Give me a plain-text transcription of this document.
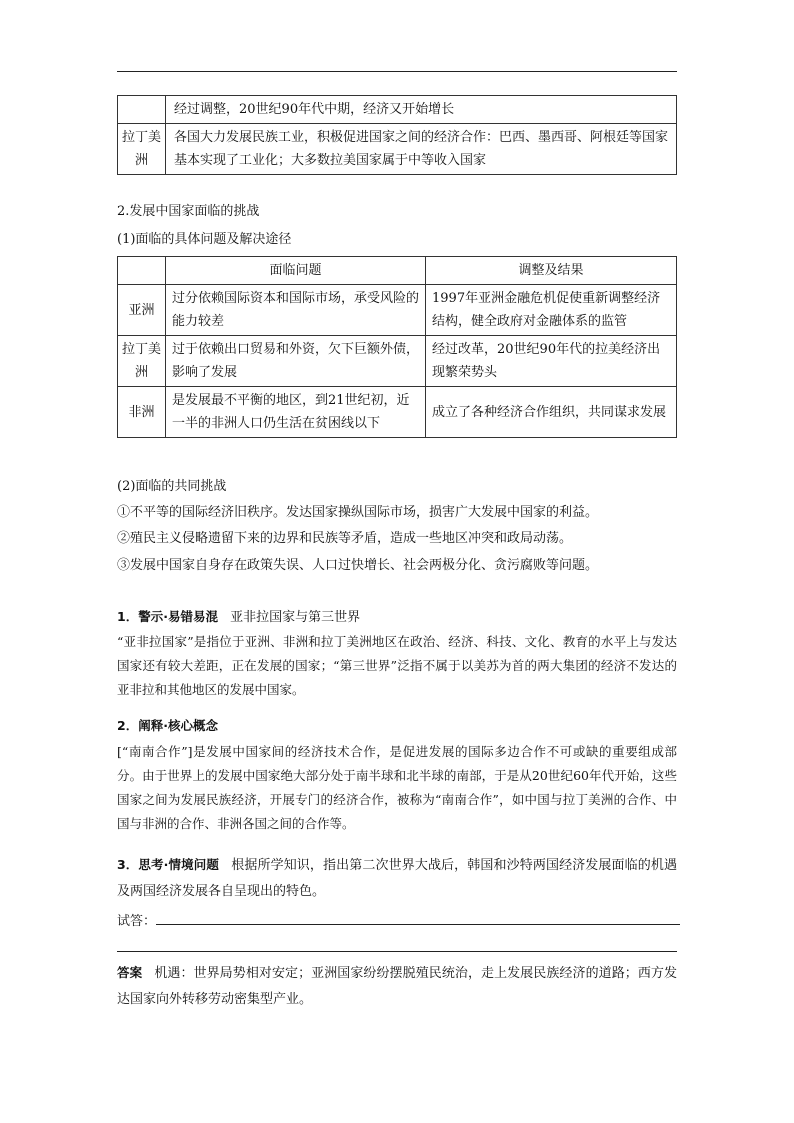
	经过调整，20世纪90年代中期，经济又开始增长
拉丁美洲	各国大力发展民族工业，积极促进国家之间的经济合作：巴西、墨西哥、阿根廷等国家基本实现了工业化；大多数拉美国家属于中等收入国家
2.发展中国家面临的挑战
(1)面临的具体问题及解决途径
	面临问题	调整及结果
亚洲	过分依赖国际资本和国际市场，承受风险的能力较差	1997年亚洲金融危机促使重新调整经济结构，健全政府对金融体系的监管
拉丁美洲	过于依赖出口贸易和外资，欠下巨额外债，影响了发展	经过改革，20世纪90年代的拉美经济出现繁荣势头
非洲	是发展最不平衡的地区，到21世纪初，近一半的非洲人口仍生活在贫困线以下	成立了各种经济合作组织，共同谋求发展
(2)面临的共同挑战
①不平等的国际经济旧秩序。发达国家操纵国际市场，损害广大发展中国家的利益。
②殖民主义侵略遗留下来的边界和民族等矛盾，造成一些地区冲突和政局动荡。
③发展中国家自身存在政策失误、人口过快增长、社会两极分化、贪污腐败等问题。
1．警示·易错易混 亚非拉国家与第三世界
“亚非拉国家”是指位于亚洲、非洲和拉丁美洲地区在政治、经济、科技、文化、教育的水平上与发达国家还有较大差距，正在发展的国家；“第三世界”泛指不属于以美苏为首的两大集团的经济不发达的亚非拉和其他地区的发展中国家。
2．阐释·核心概念
[“南南合作”]是发展中国家间的经济技术合作，是促进发展的国际多边合作不可或缺的重要组成部分。由于世界上的发展中国家绝大部分处于南半球和北半球的南部，于是从20世纪60年代开始，这些国家之间为发展民族经济，开展专门的经济合作，被称为“南南合作”，如中国与拉丁美洲的合作、中国与非洲的合作、非洲各国之间的合作等。
3．思考·情境问题 根据所学知识，指出第二次世界大战后，韩国和沙特两国经济发展面临的机遇及两国经济发展各自呈现出的特色。
试答：
答案 机遇：世界局势相对安定；亚洲国家纷纷摆脱殖民统治，走上发展民族经济的道路；西方发达国家向外转移劳动密集型产业。
